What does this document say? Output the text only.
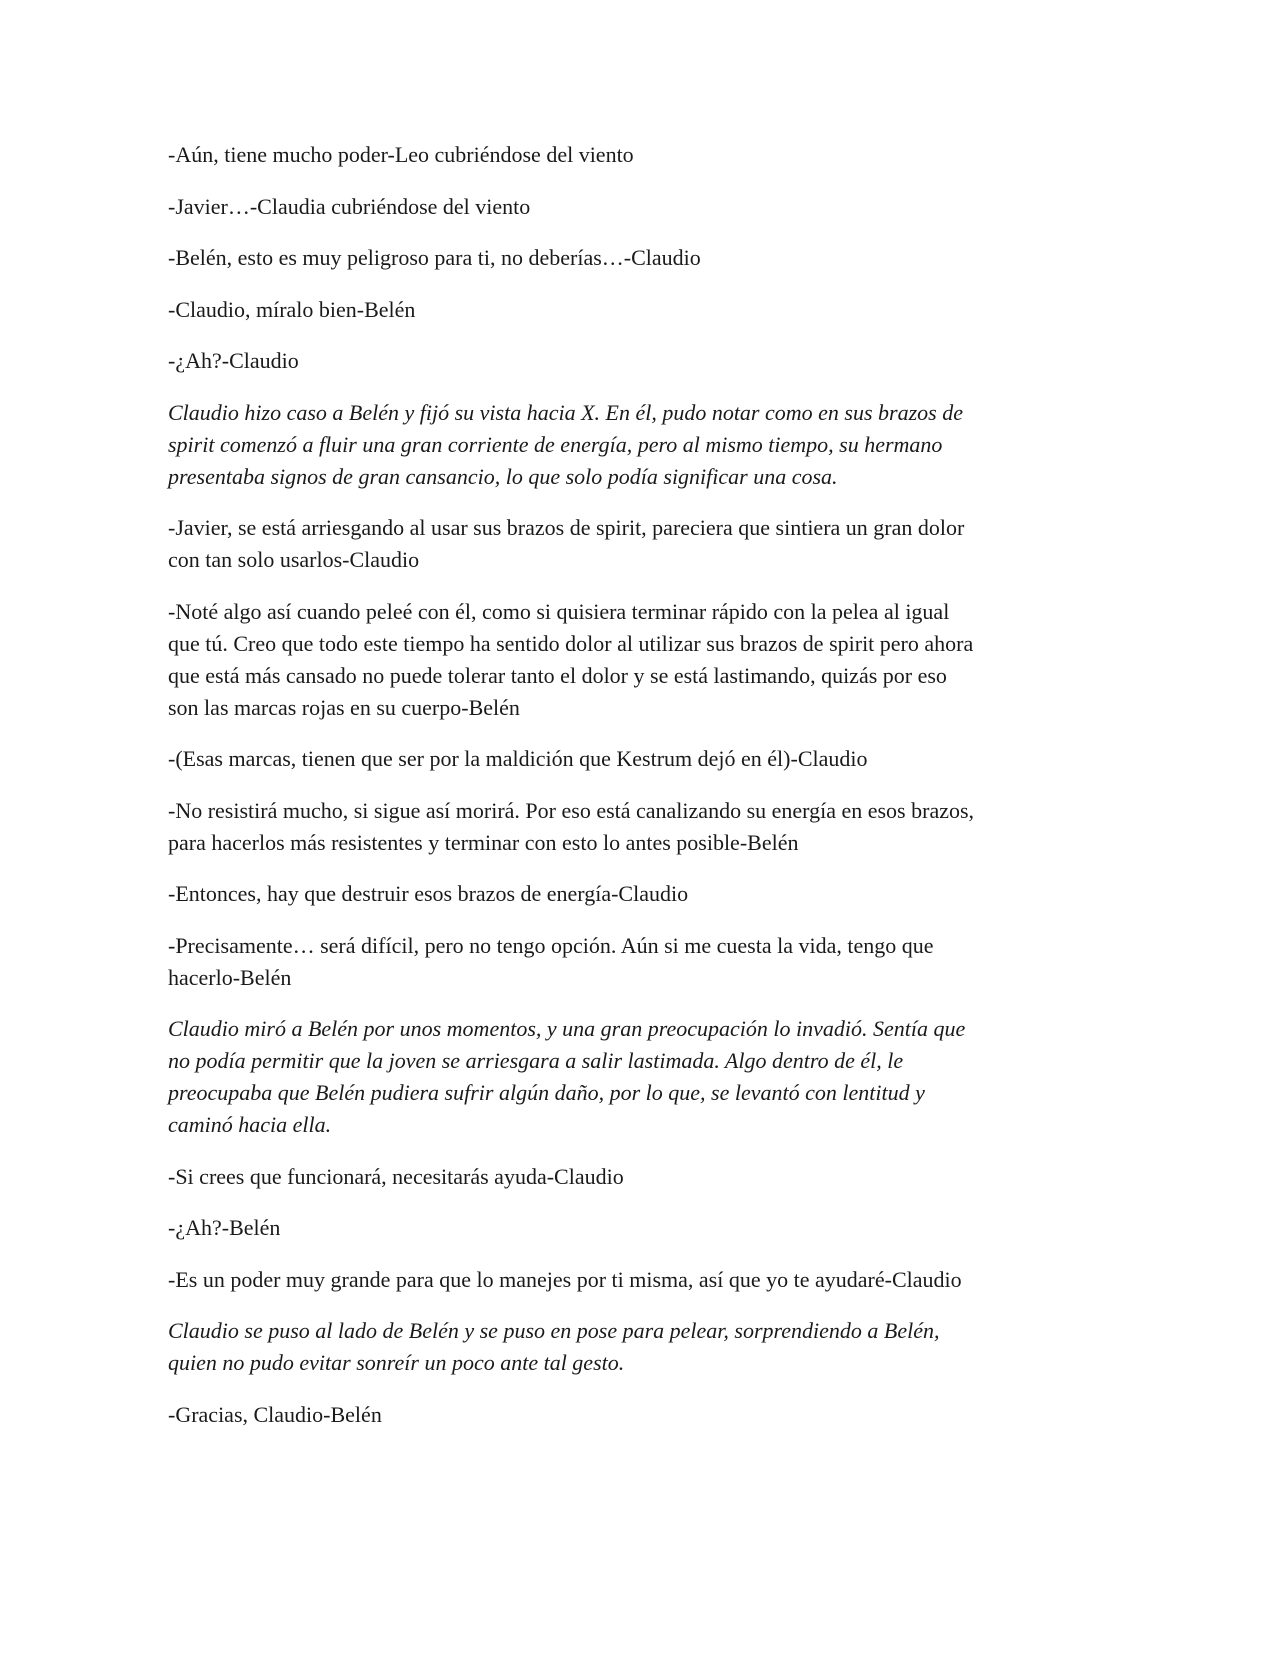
-Aún, tiene mucho poder-Leo cubriéndose del viento

-Javier…-Claudia cubriéndose del viento

-Belén, esto es muy peligroso para ti, no deberías…-Claudio

-Claudio, míralo bien-Belén

-¿Ah?-Claudio

Claudio hizo caso a Belén y fijó su vista hacia X. En él, pudo notar como en sus brazos de
spirit comenzó a fluir una gran corriente de energía, pero al mismo tiempo, su hermano
presentaba signos de gran cansancio, lo que solo podía significar una cosa.

-Javier, se está arriesgando al usar sus brazos de spirit, pareciera que sintiera un gran dolor
con tan solo usarlos-Claudio

-Noté algo así cuando peleé con él, como si quisiera terminar rápido con la pelea al igual
que tú. Creo que todo este tiempo ha sentido dolor al utilizar sus brazos de spirit pero ahora
que está más cansado no puede tolerar tanto el dolor y se está lastimando, quizás por eso
son las marcas rojas en su cuerpo-Belén

-(Esas marcas, tienen que ser por la maldición que Kestrum dejó en él)-Claudio

-No resistirá mucho, si sigue así morirá. Por eso está canalizando su energía en esos brazos,
para hacerlos más resistentes y terminar con esto lo antes posible-Belén

-Entonces, hay que destruir esos brazos de energía-Claudio

-Precisamente… será difícil, pero no tengo opción. Aún si me cuesta la vida, tengo que
hacerlo-Belén

Claudio miró a Belén por unos momentos, y una gran preocupación lo invadió. Sentía que
no podía permitir que la joven se arriesgara a salir lastimada. Algo dentro de él, le
preocupaba que Belén pudiera sufrir algún daño, por lo que, se levantó con lentitud y
caminó hacia ella.

-Si crees que funcionará, necesitarás ayuda-Claudio

-¿Ah?-Belén

-Es un poder muy grande para que lo manejes por ti misma, así que yo te ayudaré-Claudio

Claudio se puso al lado de Belén y se puso en pose para pelear, sorprendiendo a Belén,
quien no pudo evitar sonreír un poco ante tal gesto.

-Gracias, Claudio-Belén
